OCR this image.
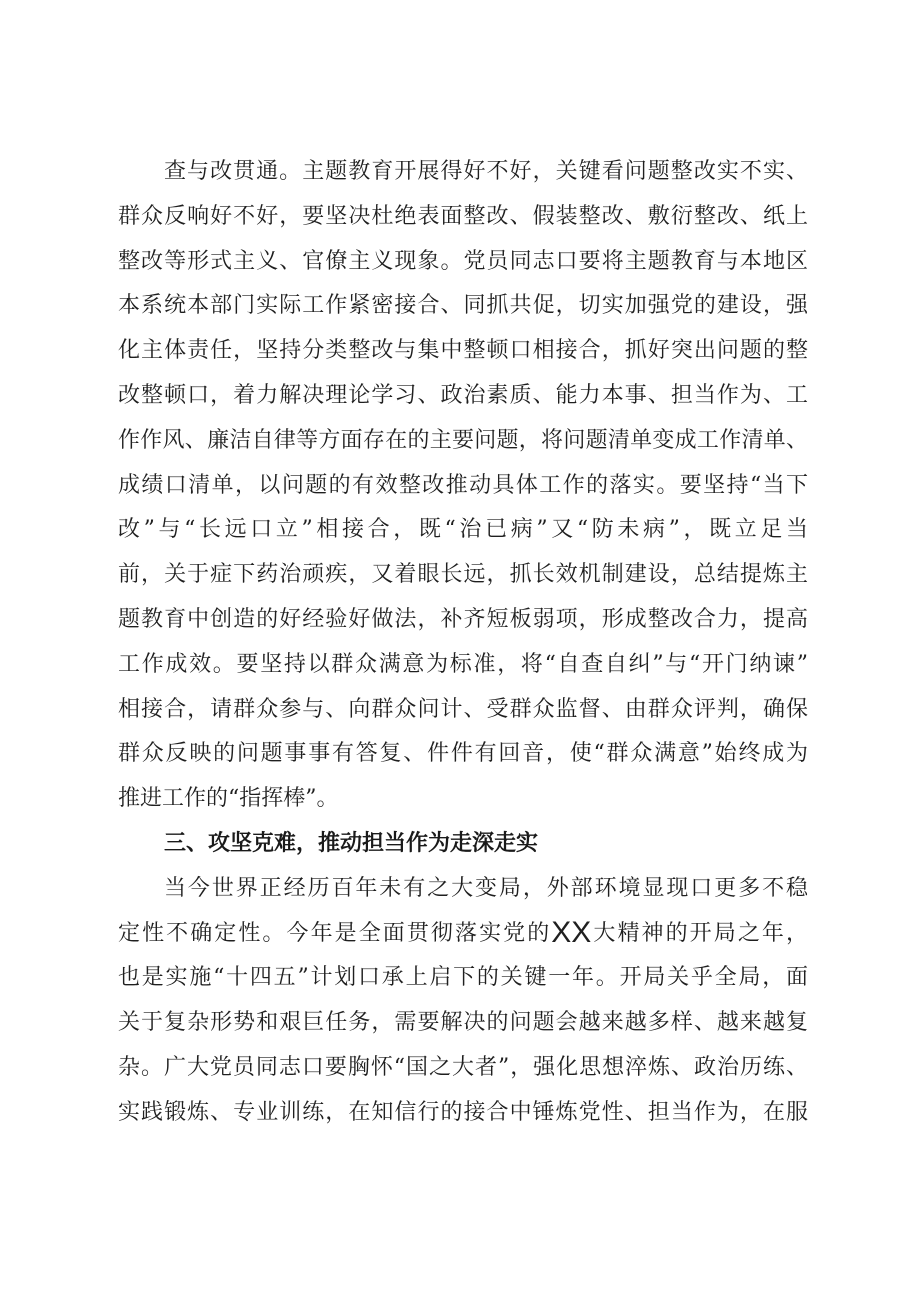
查与改贯通。主题教育开展得好不好，关键看问题整改实不实、
群众反响好不好，要坚决杜绝表面整改、假装整改、敷衍整改、纸上
整改等形式主义、官僚主义现象。党员同志口要将主题教育与本地区
本系统本部门实际工作紧密接合、同抓共促，切实加强党的建设，强
化主体责任，坚持分类整改与集中整顿口相接合，抓好突出问题的整
改整顿口，着力解决理论学习、政治素质、能力本事、担当作为、工
作作风、廉洁自律等方面存在的主要问题，将问题清单变成工作清单、
成绩口清单，以问题的有效整改推动具体工作的落实。要坚持“当下
改”与“长远口立”相接合，既“治已病”又“防未病”，既立足当
前，关于症下药治顽疾，又着眼长远，抓长效机制建设，总结提炼主
题教育中创造的好经验好做法，补齐短板弱项，形成整改合力，提高
工作成效。要坚持以群众满意为标准，将“自查自纠”与“开门纳谏”
相接合，请群众参与、向群众问计、受群众监督、由群众评判，确保
群众反映的问题事事有答复、件件有回音，使“群众满意”始终成为
推进工作的“指挥棒”。
三、攻坚克难，推动担当作为走深走实
当今世界正经历百年未有之大变局，外部环境显现口更多不稳
定性不确定性。今年是全面贯彻落实党的XX大精神的开局之年，
也是实施“十四五”计划口承上启下的关键一年。开局关乎全局，面
关于复杂形势和艰巨任务，需要解决的问题会越来越多样、越来越复
杂。广大党员同志口要胸怀“国之大者”，强化思想淬炼、政治历练、
实践锻炼、专业训练，在知信行的接合中锤炼党性、担当作为，在服
